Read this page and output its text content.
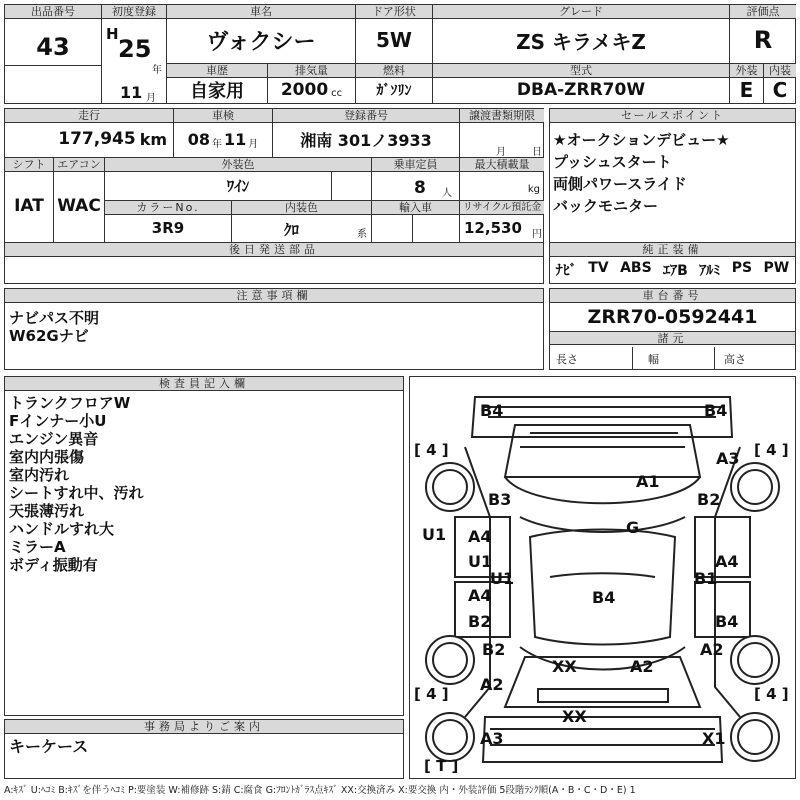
出品番号
43
初度登録
H
25
年
11 月
車名
ヴォクシー
ドア形状
5W
グレード
ZS キラメキZ
評価点
R
車歴
自家用
排気量
2000 cc
燃料
ｶﾞｿﾘﾝ
型式
DBA-ZRR70W
外装
E
内装
C
走行
177,945 km
車検
08 年 11 月
登録番号
湘南 301ノ3933
譲渡書類期限
月	日
シフト
IAT
エアコン
WAC
外装色
ﾜｲﾝ
乗車定員
8 人
最大積載量
kg
カラーNo.
3R9
内装色
ｸﾛ	系
輸入車	リサイクル預託金
12,530 円
後日発送部品
セールスポイント
★オークションデビュー★
プッシュスタート
両側パワースライド
バックモニター
純正装備
ﾅﾋﾞ TV ABS ｴｱB ｱﾙﾐ PS PW
注意事項欄
ナビパス不明
W62Gナビ
車台番号
ZRR70-0592441
諸元
長さ	幅	高さ
検査員記入欄
トランクフロアW
Fインナー小U
エンジン異音
室内内張傷
室内汚れ
シートすれ中、汚れ
天張薄汚れ
ハンドルすれ大
ミラーA
ボディ振動有
事務局よりご案内
キーケース
[ 4 ]	[ 4 ]
[ 4 ]	[ 4 ]
[ T ]
B4	B4
A3
A1
B3	B2
G
U1 A4
U1
U1
A4
B1
A4	B4
B2	B4
B2	A2
XX	A2
A2
XX
A3	X1
A:ｷｽﾞ U:ﾍｺﾐ B:ｷｽﾞを伴うﾍｺﾐ P:要塗装 W:補修跡 S:錆 C:腐食 G:ﾌﾛﾝﾄｶﾞﾗｽ点ｷｽﾞ XX:交換済み X:要交換 内・外装評価 5段階ﾗﾝｸ順(A・B・C・D・E) 1
